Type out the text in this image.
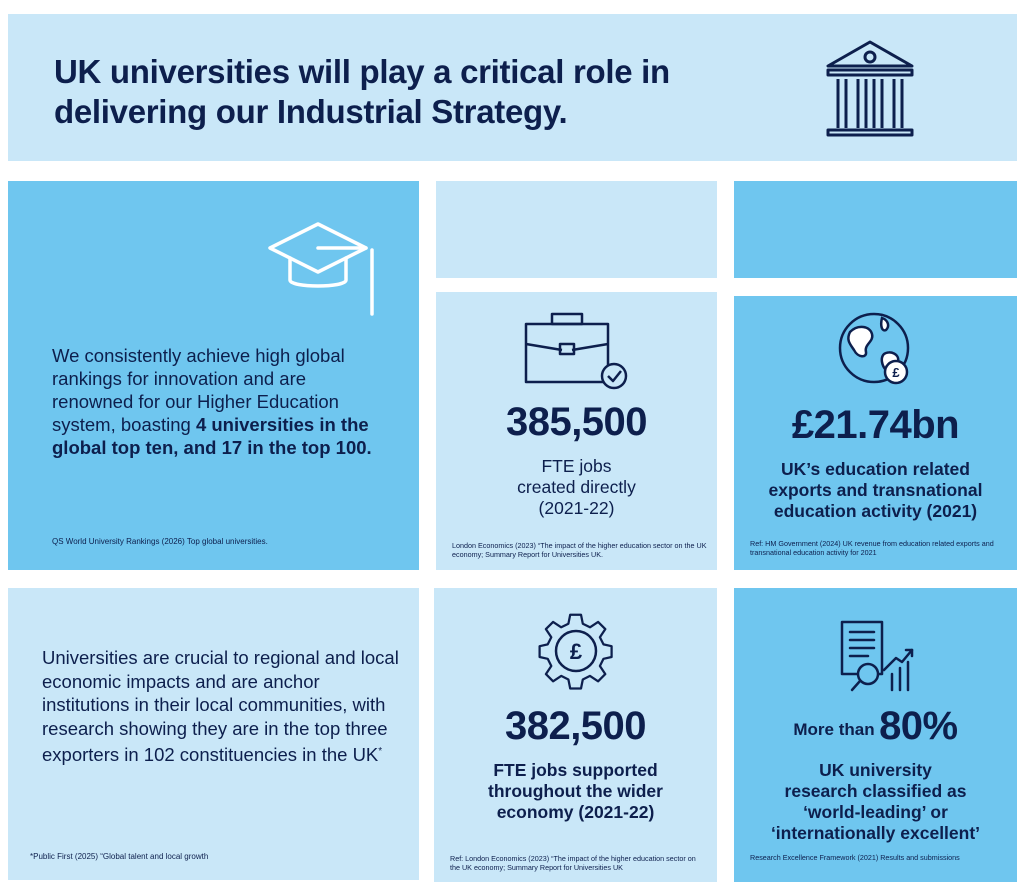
UK universities will play a critical role in delivering our Industrial Strategy.
We consistently achieve high global rankings for innovation and are renowned for our Higher Education system, boasting 4 universities in the global top ten, and 17 in the top 100.
QS World University Rankings (2026) Top global universities.
385,500
FTE jobs
created directly
(2021-22)
London Economics (2023) “The impact of the higher education sector on the UK economy; Summary Report for Universities UK.
£
£21.74bn
UK’s education related
exports and transnational
education activity (2021)
Ref: HM Government (2024) UK revenue from education related exports and transnational education activity for 2021
Universities are crucial to regional and local economic impacts and are anchor institutions in their local communities, with research showing they are in the top three exporters in 102 constituencies in the UK*
*Public First (2025) “Global talent and local growth
£
382,500
FTE jobs supported
throughout the wider
economy (2021-22)
Ref: London Economics (2023) “The impact of the higher education sector on the UK economy; Summary Report for Universities UK
More than 80%
UK university
research classified as
‘world-leading’ or
‘internationally excellent’
Research Excellence Framework (2021) Results and submissions
